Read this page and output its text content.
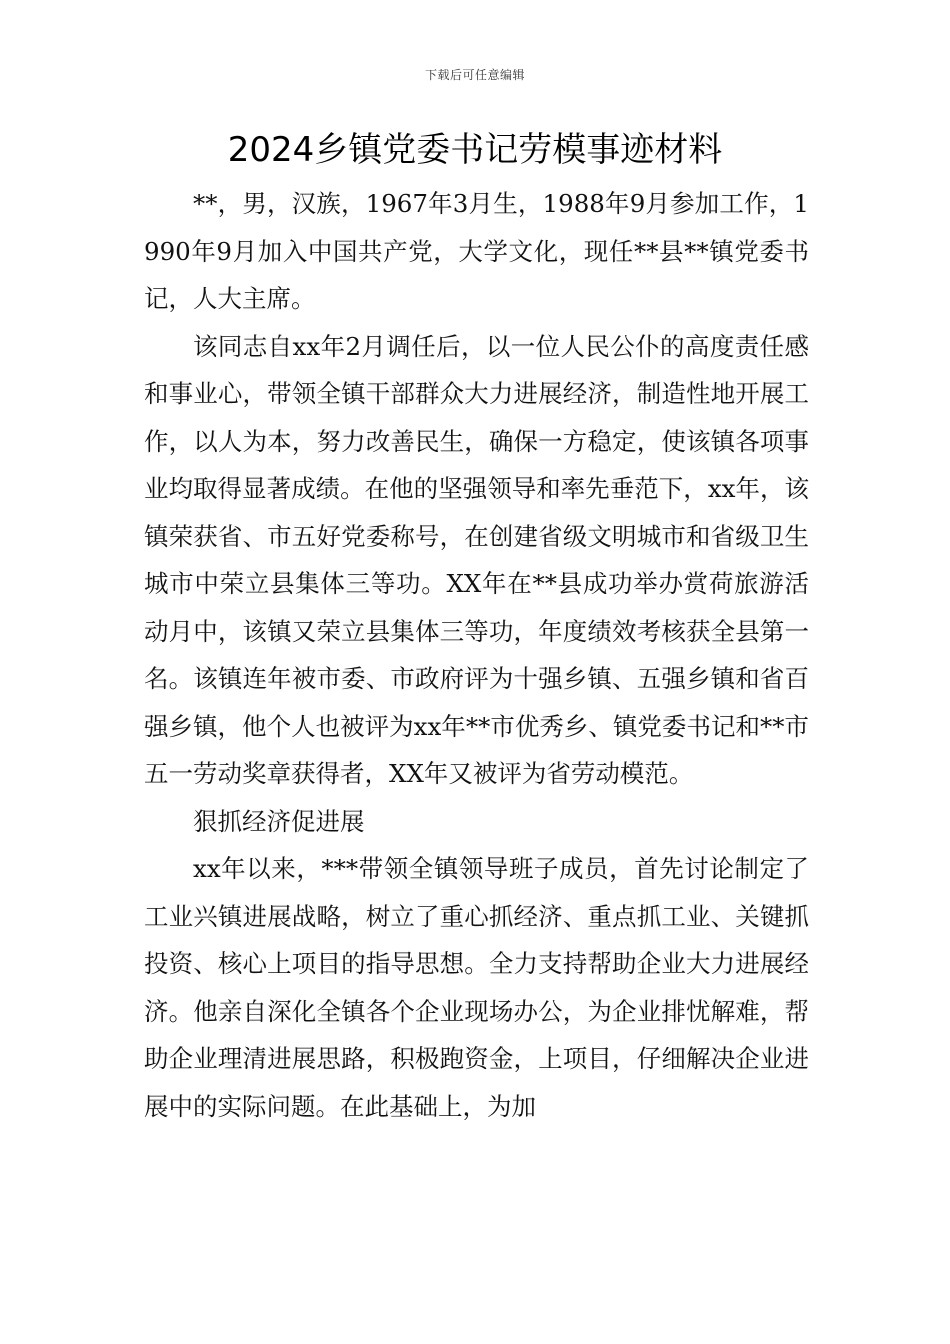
下载后可任意编辑
2024乡镇党委书记劳模事迹材料

**，男，汉族，1967年3月生，1988年9月参加工作，1990年9月加入中国共产党，大学文化，现任**县**镇党委书记，人大主席。

该同志自xx年2月调任后，以一位人民公仆的高度责任感和事业心，带领全镇干部群众大力进展经济，制造性地开展工作，以人为本，努力改善民生，确保一方稳定，使该镇各项事业均取得显著成绩。在他的坚强领导和率先垂范下，xx年，该镇荣获省、市五好党委称号，在创建省级文明城市和省级卫生城市中荣立县集体三等功。XX年在**县成功举办赏荷旅游活动月中，该镇又荣立县集体三等功，年度绩效考核获全县第一名。该镇连年被市委、市政府评为十强乡镇、五强乡镇和省百强乡镇，他个人也被评为xx年**市优秀乡、镇党委书记和**市五一劳动奖章获得者，XX年又被评为省劳动模范。

狠抓经济促进展

xx年以来，***带领全镇领导班子成员，首先讨论制定了工业兴镇进展战略，树立了重心抓经济、重点抓工业、关键抓投资、核心上项目的指导思想。全力支持帮助企业大力进展经济。他亲自深化全镇各个企业现场办公，为企业排忧解难，帮助企业理清进展思路，积极跑资金，上项目，仔细解决企业进展中的实际问题。在此基础上，为加
